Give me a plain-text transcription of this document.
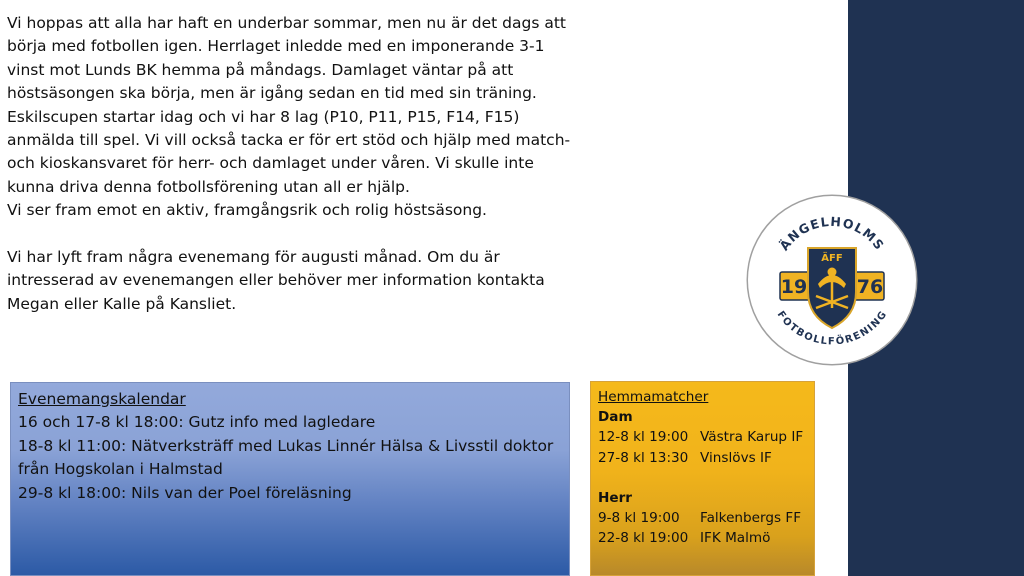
Vi hoppas att alla har haft en underbar sommar, men nu är det dags att

börja med fotbollen igen. Herrlaget inledde med en imponerande 3-1

vinst mot Lunds BK hemma på måndags. Damlaget väntar på att

höstsäsongen ska börja, men är igång sedan en tid med sin träning.

Eskilscupen startar idag och vi har 8 lag (P10, P11, P15, F14, F15)

anmälda till spel. Vi vill också tacka er för ert stöd och hjälp med match-

och kioskansvaret för herr- och damlaget under våren. Vi skulle inte

kunna driva denna fotbollsförening utan all er hjälp.

Vi ser fram emot en aktiv, framgångsrik och rolig höstsäsong.

Vi har lyft fram några evenemang för augusti månad. Om du är

intresserad av evenemangen eller behöver mer information kontakta

Megan eller Kalle på Kansliet.

ÄNGELHOLMS
FOTBOLLFÖRENING
ÄFF
19	76
Evenemangskalendar
16 och 17-8 kl 18:00: Gutz info med lagledare
18-8 kl 11:00: Nätverksträff med Lukas Linnér Hälsa & Livsstil doktor
från Hogskolan i Halmstad
29-8 kl 18:00: Nils van der Poel föreläsning
Hemmamatcher
Dam
12-8 kl 19:00 Västra Karup IF
27-8 kl 13:30 Vinslövs IF
Herr
9-8 kl 19:00 Falkenbergs FF
22-8 kl 19:00 IFK Malmö
